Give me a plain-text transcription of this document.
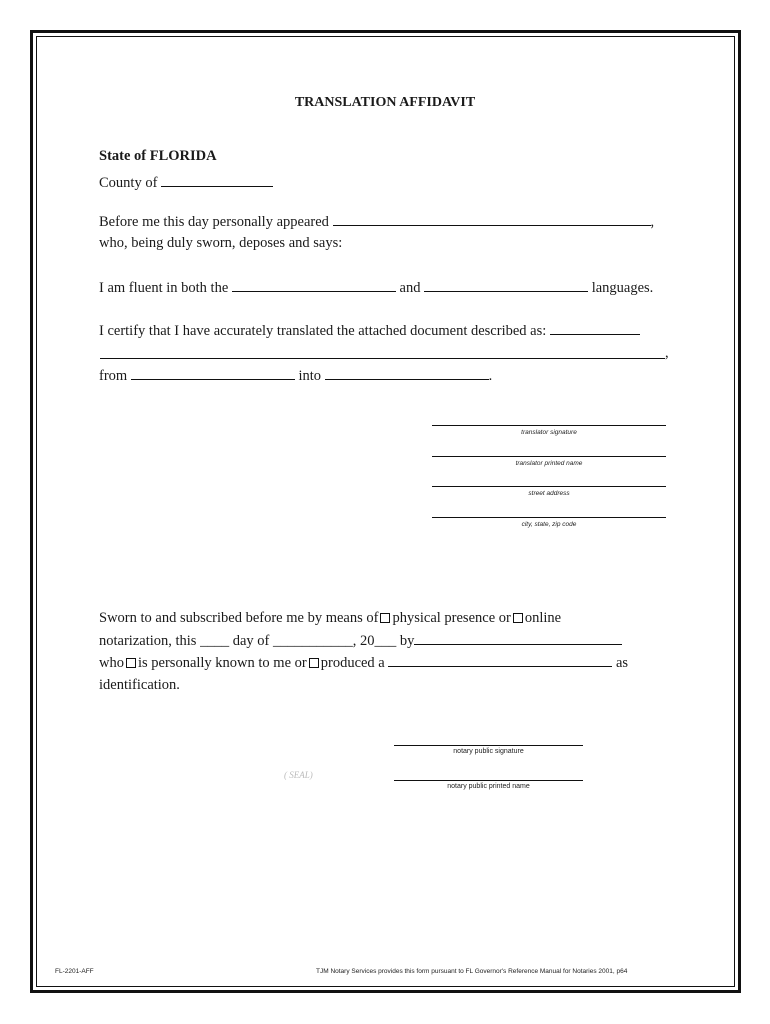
TRANSLATION AFFIDAVIT
State of FLORIDA
County of
Before me this day personally appeared	,
who, being duly sworn, deposes and says:
I am fluent in both the	and	languages.
I certify that I have accurately translated the attached document described as:
,
from	into	.
translator signature
translator printed name
street address
city, state, zip code
Sworn to and subscribed before me by means of physical presence or online
notarization, this ____ day of ___________, 20___ by
who is personally known to me or produced a	as
identification.
notary public signature
( SEAL)
notary public printed name
FL-2201-AFF	TJM Notary Services provides this form pursuant to FL Governor's Reference Manual for Notaries 2001, p64
